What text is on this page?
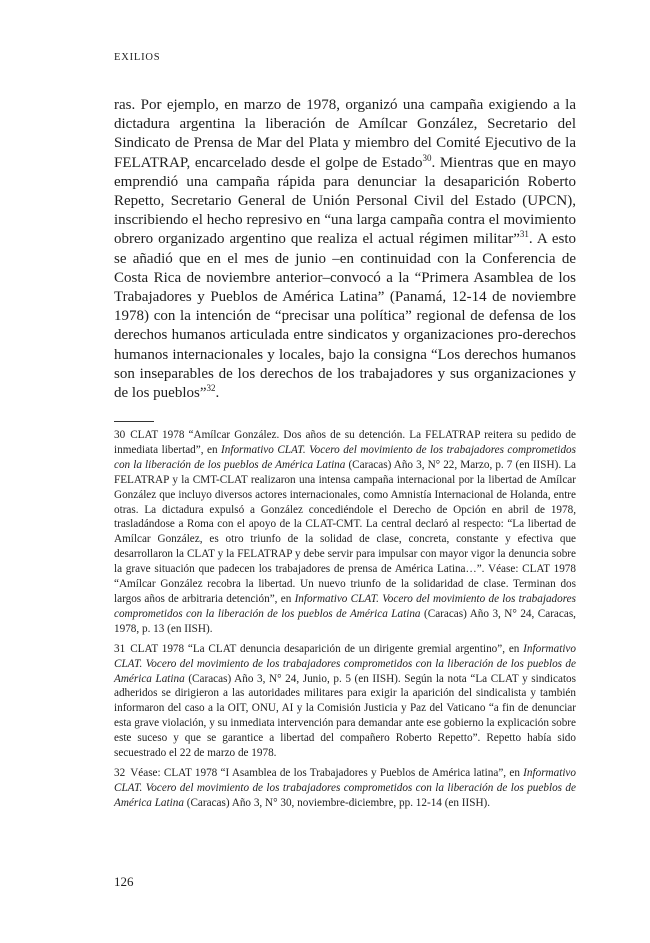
EXILIOS
ras. Por ejemplo, en marzo de 1978, organizó una campaña exigiendo a la dictadura argentina la liberación de Amílcar González, Secretario del Sindicato de Prensa de Mar del Plata y miembro del Comité Ejecutivo de la FELATRAP, encarcelado desde el golpe de Estado$^{30}$. Mientras que en mayo emprendió una campaña rápida para denunciar la desaparición Roberto Repetto, Secretario General de Unión Personal Civil del Estado (UPCN), inscribiendo el hecho represivo en “una larga campaña contra el movimiento obrero organizado argentino que realiza el actual régimen militar”$^{31}$. A esto se añadió que en el mes de junio –en continuidad con la Conferencia de Costa Rica de noviembre anterior–convocó a la “Primera Asamblea de los Trabajadores y Pueblos de América Latina” (Panamá, 12-14 de noviembre 1978) con la intención de “precisar una política” regional de defensa de los derechos humanos articulada entre sindicatos y organizaciones pro-derechos humanos internacionales y locales, bajo la consigna “Los derechos humanos son inseparables de los derechos de los trabajadores y sus organizaciones y de los pueblos”$^{32}$.

30 CLAT 1978 “Amílcar González. Dos años de su detención. La FELATRAP reitera su pedido de inmediata libertad”, en Informativo CLAT. Vocero del movimiento de los trabajadores comprometidos con la liberación de los pueblos de América Latina (Caracas) Año 3, N° 22, Marzo, p. 7 (en IISH). La FELATRAP y la CMT-CLAT realizaron una intensa campaña internacional por la libertad de Amílcar González que incluyo diversos actores internacionales, como Amnistía Internacional de Holanda, entre otras. La dictadura expulsó a González concediéndole el Derecho de Opción en abril de 1978, trasladándose a Roma con el apoyo de la CLAT-CMT. La central declaró al respecto: “La libertad de Amílcar González, es otro triunfo de la solidad de clase, concreta, constante y efectiva que desarrollaron la CLAT y la FELATRAP y debe servir para impulsar con mayor vigor la denuncia sobre la grave situación que padecen los trabajadores de prensa de América Latina…”. Véase: CLAT 1978 “Amílcar González recobra la libertad. Un nuevo triunfo de la solidaridad de clase. Terminan dos largos años de arbitraria detención”, en Informativo CLAT. Vocero del movimiento de los trabajadores comprometidos con la liberación de los pueblos de América Latina (Caracas) Año 3, N° 24, Caracas, 1978, p. 13 (en IISH).

31 CLAT 1978 “La CLAT denuncia desaparición de un dirigente gremial argentino”, en Informativo CLAT. Vocero del movimiento de los trabajadores comprometidos con la liberación de los pueblos de América Latina (Caracas) Año 3, N° 24, Junio, p. 5 (en IISH). Según la nota “La CLAT y sindicatos adheridos se dirigieron a las autoridades militares para exigir la aparición del sindicalista y también informaron del caso a la OIT, ONU, AI y la Comisión Justicia y Paz del Vaticano “a fin de denunciar esta grave violación, y su inmediata intervención para demandar ante ese gobierno la explicación sobre este suceso y que se garantice a libertad del compañero Roberto Repetto”. Repetto había sido secuestrado el 22 de marzo de 1978.

32 Véase: CLAT 1978 “I Asamblea de los Trabajadores y Pueblos de América latina”, en Informativo CLAT. Vocero del movimiento de los trabajadores comprometidos con la liberación de los pueblos de América Latina (Caracas) Año 3, N° 30, noviembre-diciembre, pp. 12-14 (en IISH).

126
